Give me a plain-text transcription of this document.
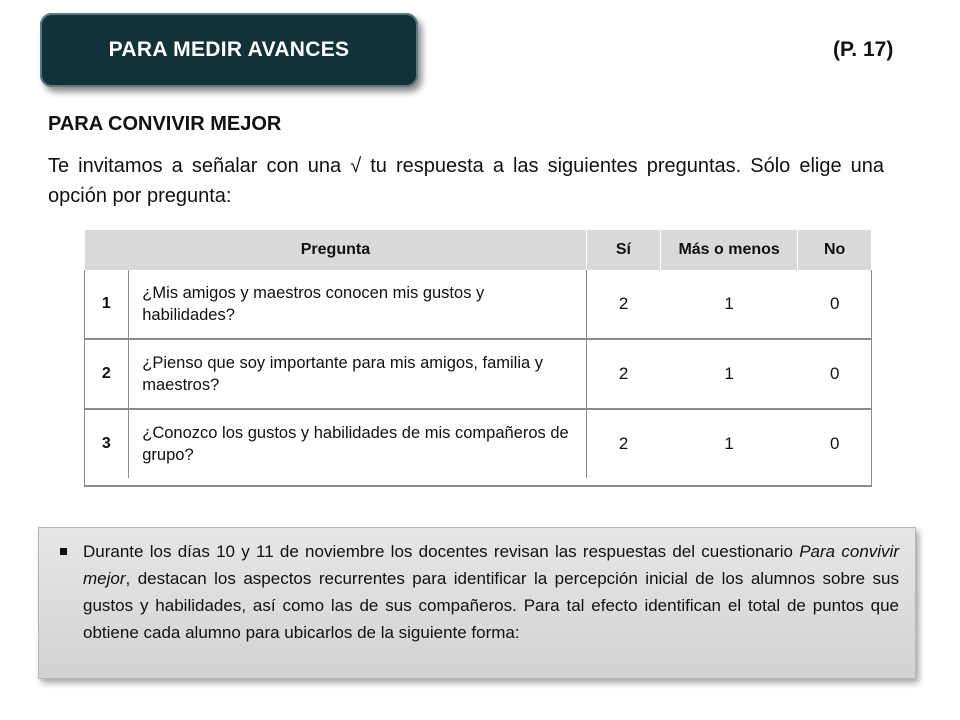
PARA MEDIR AVANCES	(P. 17)
PARA CONVIVIR MEJOR
Te invitamos a señalar con una √ tu respuesta a las siguientes preguntas. Sólo elige una opción por pregunta:
Pregunta		Sí	Más o menos	No
1	¿Mis amigos y maestros conocen mis gustos y habilidades?	2	1	0
2	¿Pienso que soy importante para mis amigos, familia y maestros?	2	1	0
3	¿Conozco los gustos y habilidades de mis compañeros de grupo?	2	1	0
Durante los días 10 y 11 de noviembre los docentes revisan las respuestas del cuestionario Para convivir mejor, destacan los aspectos recurrentes para identificar la percepción inicial de los alumnos sobre sus gustos y habilidades, así como las de sus compañeros. Para tal efecto identifican el total de puntos que obtiene cada alumno para ubicarlos de la siguiente forma:
